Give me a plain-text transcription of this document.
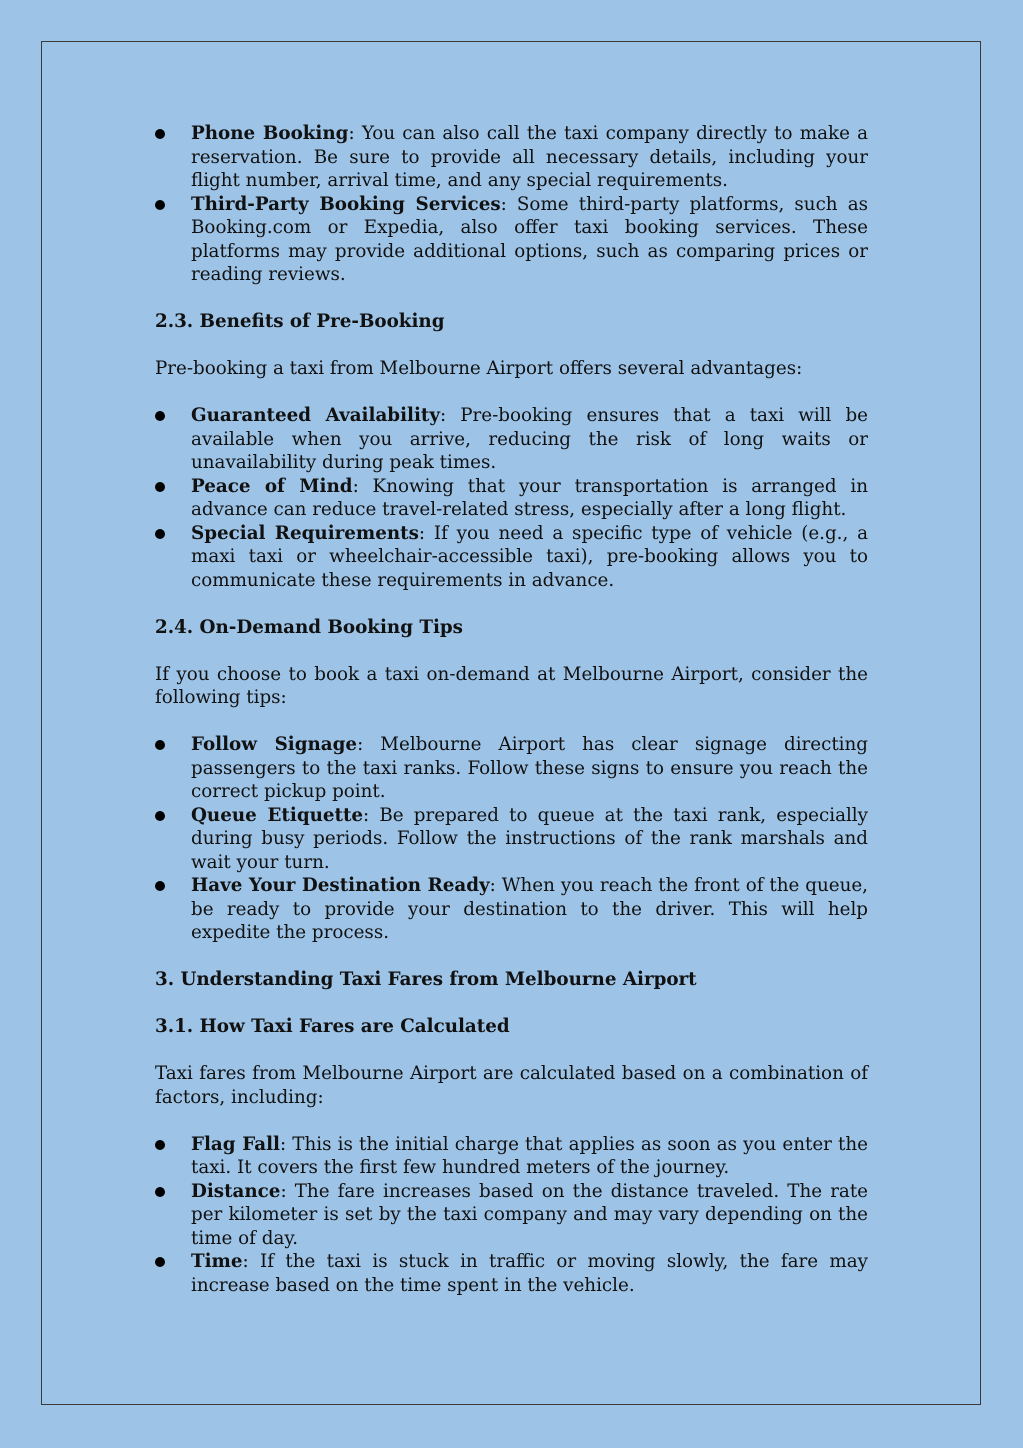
Phone Booking: You can also call the taxi company directly to make a reservation. Be sure to provide all necessary details, including your flight number, arrival time, and any special requirements.
Third-Party Booking Services: Some third-party platforms, such as Booking.com or Expedia, also offer taxi booking services. These platforms may provide additional options, such as comparing prices or reading reviews.
2.3. Benefits of Pre-Booking

Pre-booking a taxi from Melbourne Airport offers several advantages:

Guaranteed Availability: Pre-booking ensures that a taxi will be available when you arrive, reducing the risk of long waits or unavailability during peak times.
Peace of Mind: Knowing that your transportation is arranged in advance can reduce travel-related stress, especially after a long flight.
Special Requirements: If you need a specific type of vehicle (e.g., a maxi taxi or wheelchair-accessible taxi), pre-booking allows you to communicate these requirements in advance.
2.4. On-Demand Booking Tips

If you choose to book a taxi on-demand at Melbourne Airport, consider the following tips:

Follow Signage: Melbourne Airport has clear signage directing passengers to the taxi ranks. Follow these signs to ensure you reach the correct pickup point.
Queue Etiquette: Be prepared to queue at the taxi rank, especially during busy periods. Follow the instructions of the rank marshals and wait your turn.
Have Your Destination Ready: When you reach the front of the queue, be ready to provide your destination to the driver. This will help expedite the process.
3. Understanding Taxi Fares from Melbourne Airport
3.1. How Taxi Fares are Calculated

Taxi fares from Melbourne Airport are calculated based on a combination of factors, including:

Flag Fall: This is the initial charge that applies as soon as you enter the taxi. It covers the first few hundred meters of the journey.
Distance: The fare increases based on the distance traveled. The rate per kilometer is set by the taxi company and may vary depending on the time of day.
Time: If the taxi is stuck in traffic or moving slowly, the fare may increase based on the time spent in the vehicle.
